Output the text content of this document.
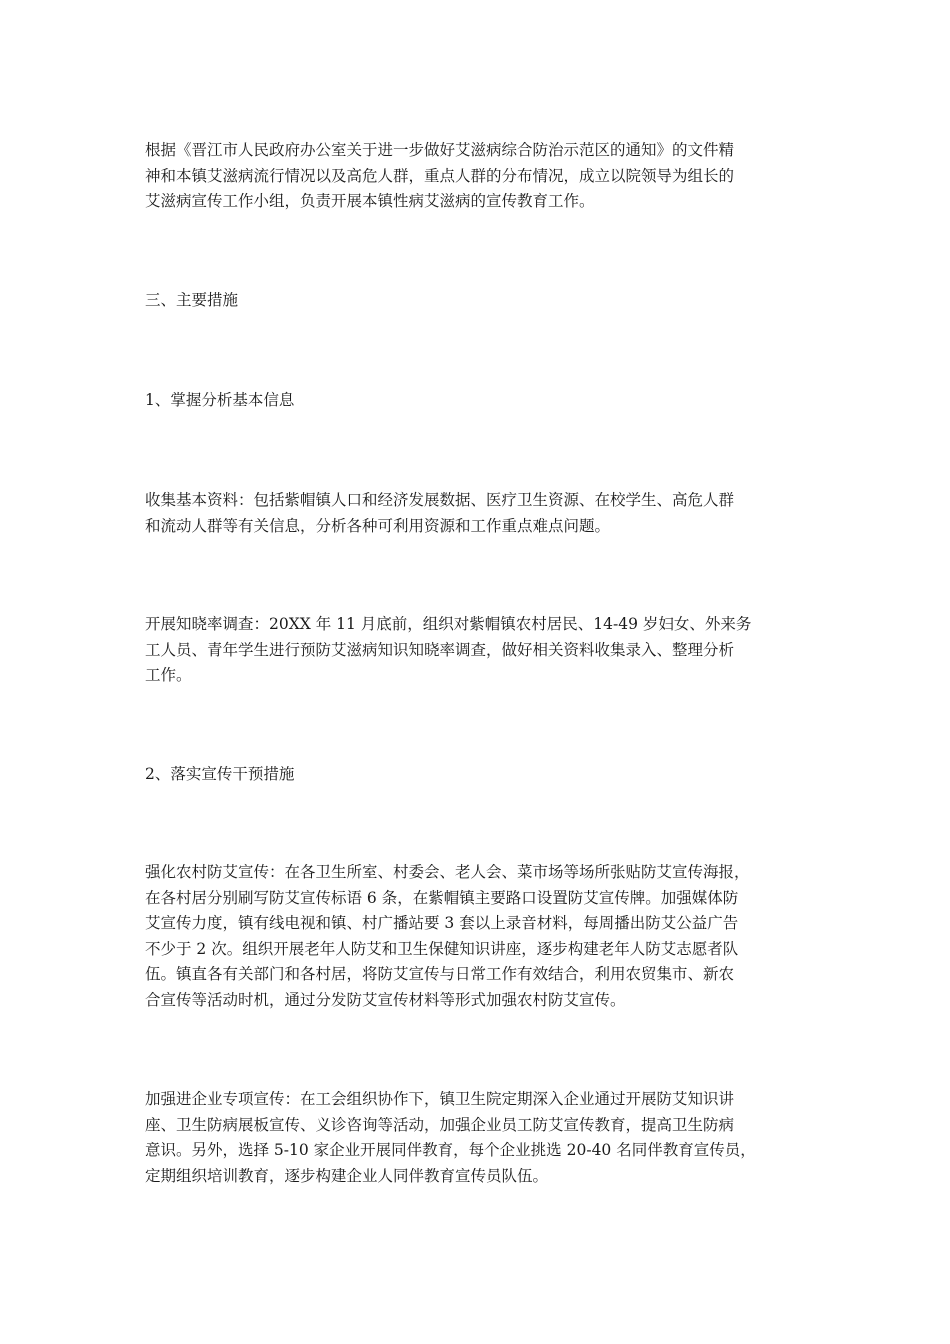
根据《晋江市人民政府办公室关于进一步做好艾滋病综合防治示范区的通知》的文件精
神和本镇艾滋病流行情况以及高危人群，重点人群的分布情况，成立以院领导为组长的
艾滋病宣传工作小组，负责开展本镇性病艾滋病的宣传教育工作。
三、主要措施
1、掌握分析基本信息
收集基本资料：包括紫帽镇人口和经济发展数据、医疗卫生资源、在校学生、高危人群
和流动人群等有关信息，分析各种可利用资源和工作重点难点问题。
开展知晓率调查：20XX 年 11 月底前，组织对紫帽镇农村居民、14-49 岁妇女、外来务
工人员、青年学生进行预防艾滋病知识知晓率调查，做好相关资料收集录入、整理分析
工作。
2、落实宣传干预措施
强化农村防艾宣传：在各卫生所室、村委会、老人会、菜市场等场所张贴防艾宣传海报，
在各村居分别刷写防艾宣传标语 6 条，在紫帽镇主要路口设置防艾宣传牌。加强媒体防
艾宣传力度，镇有线电视和镇、村广播站要 3 套以上录音材料，每周播出防艾公益广告
不少于 2 次。组织开展老年人防艾和卫生保健知识讲座，逐步构建老年人防艾志愿者队
伍。镇直各有关部门和各村居，将防艾宣传与日常工作有效结合，利用农贸集市、新农
合宣传等活动时机，通过分发防艾宣传材料等形式加强农村防艾宣传。
加强进企业专项宣传：在工会组织协作下，镇卫生院定期深入企业通过开展防艾知识讲
座、卫生防病展板宣传、义诊咨询等活动，加强企业员工防艾宣传教育，提高卫生防病
意识。另外，选择 5-10 家企业开展同伴教育，每个企业挑选 20-40 名同伴教育宣传员，
定期组织培训教育，逐步构建企业人同伴教育宣传员队伍。
